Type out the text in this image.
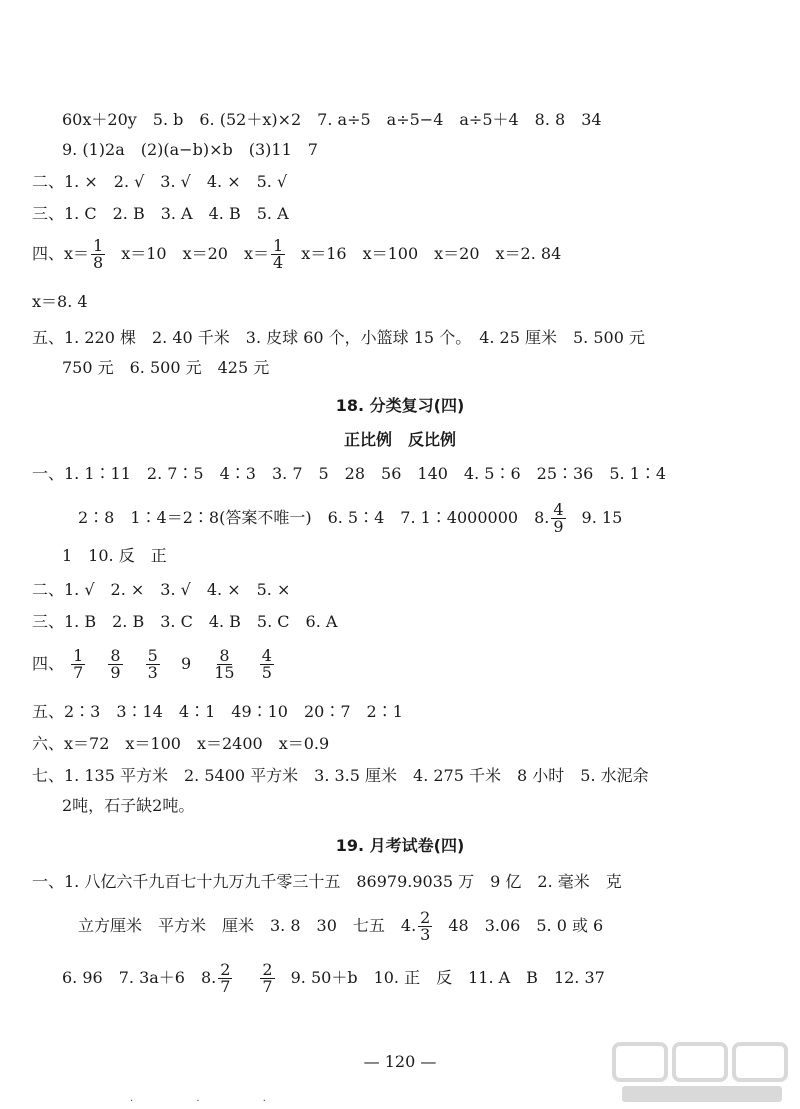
60x＋20y　5. b　6. (52＋x)×2　7. a÷5　a÷5−4　a÷5＋4　8. 8　34
9. (1)2a　(2)(a−b)×b　(3)11　7
二、1. ×　2. √　3. √　4. ×　5. √
三、1. C　2. B　3. A　4. B　5. A
四、$x= \frac{1}{8} x=10$　x＝20　$x= \frac{1}{4} x=16$　x＝100　x＝20　x＝2. 84
x＝8. 4
五、1. 220 棵　2. 40 千米　3. 皮球 60 个，小篮球 15 个。　4. 25 厘米　5. 500 元
750 元　6. 500 元　425 元
18. 分类复习(四)
正比例　反比例
一、1. 1∶11　2. 7∶5　4∶3　3. 7　5　28　56　140　4. 5∶6　25∶36　5. 1∶4
2∶8　1∶4＝2∶8(答案不唯一)　6. 5∶4　7. 1∶4000000　8. $\frac{4}{9} 9$. 15
1　10. 反　正
二、1. √　2. ×　3. √　4. ×　5. ×
三、1. B　2. B　3. C　4. B　5. C　6. A
四、 $\frac{1}{7}$
$\frac{8}{9}$
$\frac{5}{3} 9 \frac{8}{15}$
$\frac{4}{5}$
五、2∶3　3∶14　4∶1　49∶10　20∶7　2∶1
六、x＝72　x＝100　x＝2400　x＝0.9
七、1. 135 平方米　2. 5400 平方米　3. 3.5 厘米　4. 275 千米　8 小时　5. 水泥余
2吨，石子缺2吨。
19. 月考试卷(四)
一、1. 八亿六千九百七十九万九千零三十五　86979.9035 万　9 亿　2. 毫米　克
立方厘米　平方米　厘米　3. 8　30　七五　4. $\frac{2}{3} 48$　3.06　5. 0 或 6
6. 96　7. 3a＋6　8. $\frac{2}{7} \frac{2}{7} 9$. 50＋b　10. 正　反　11. A　B　12. 37
— 120 —
· · ·
